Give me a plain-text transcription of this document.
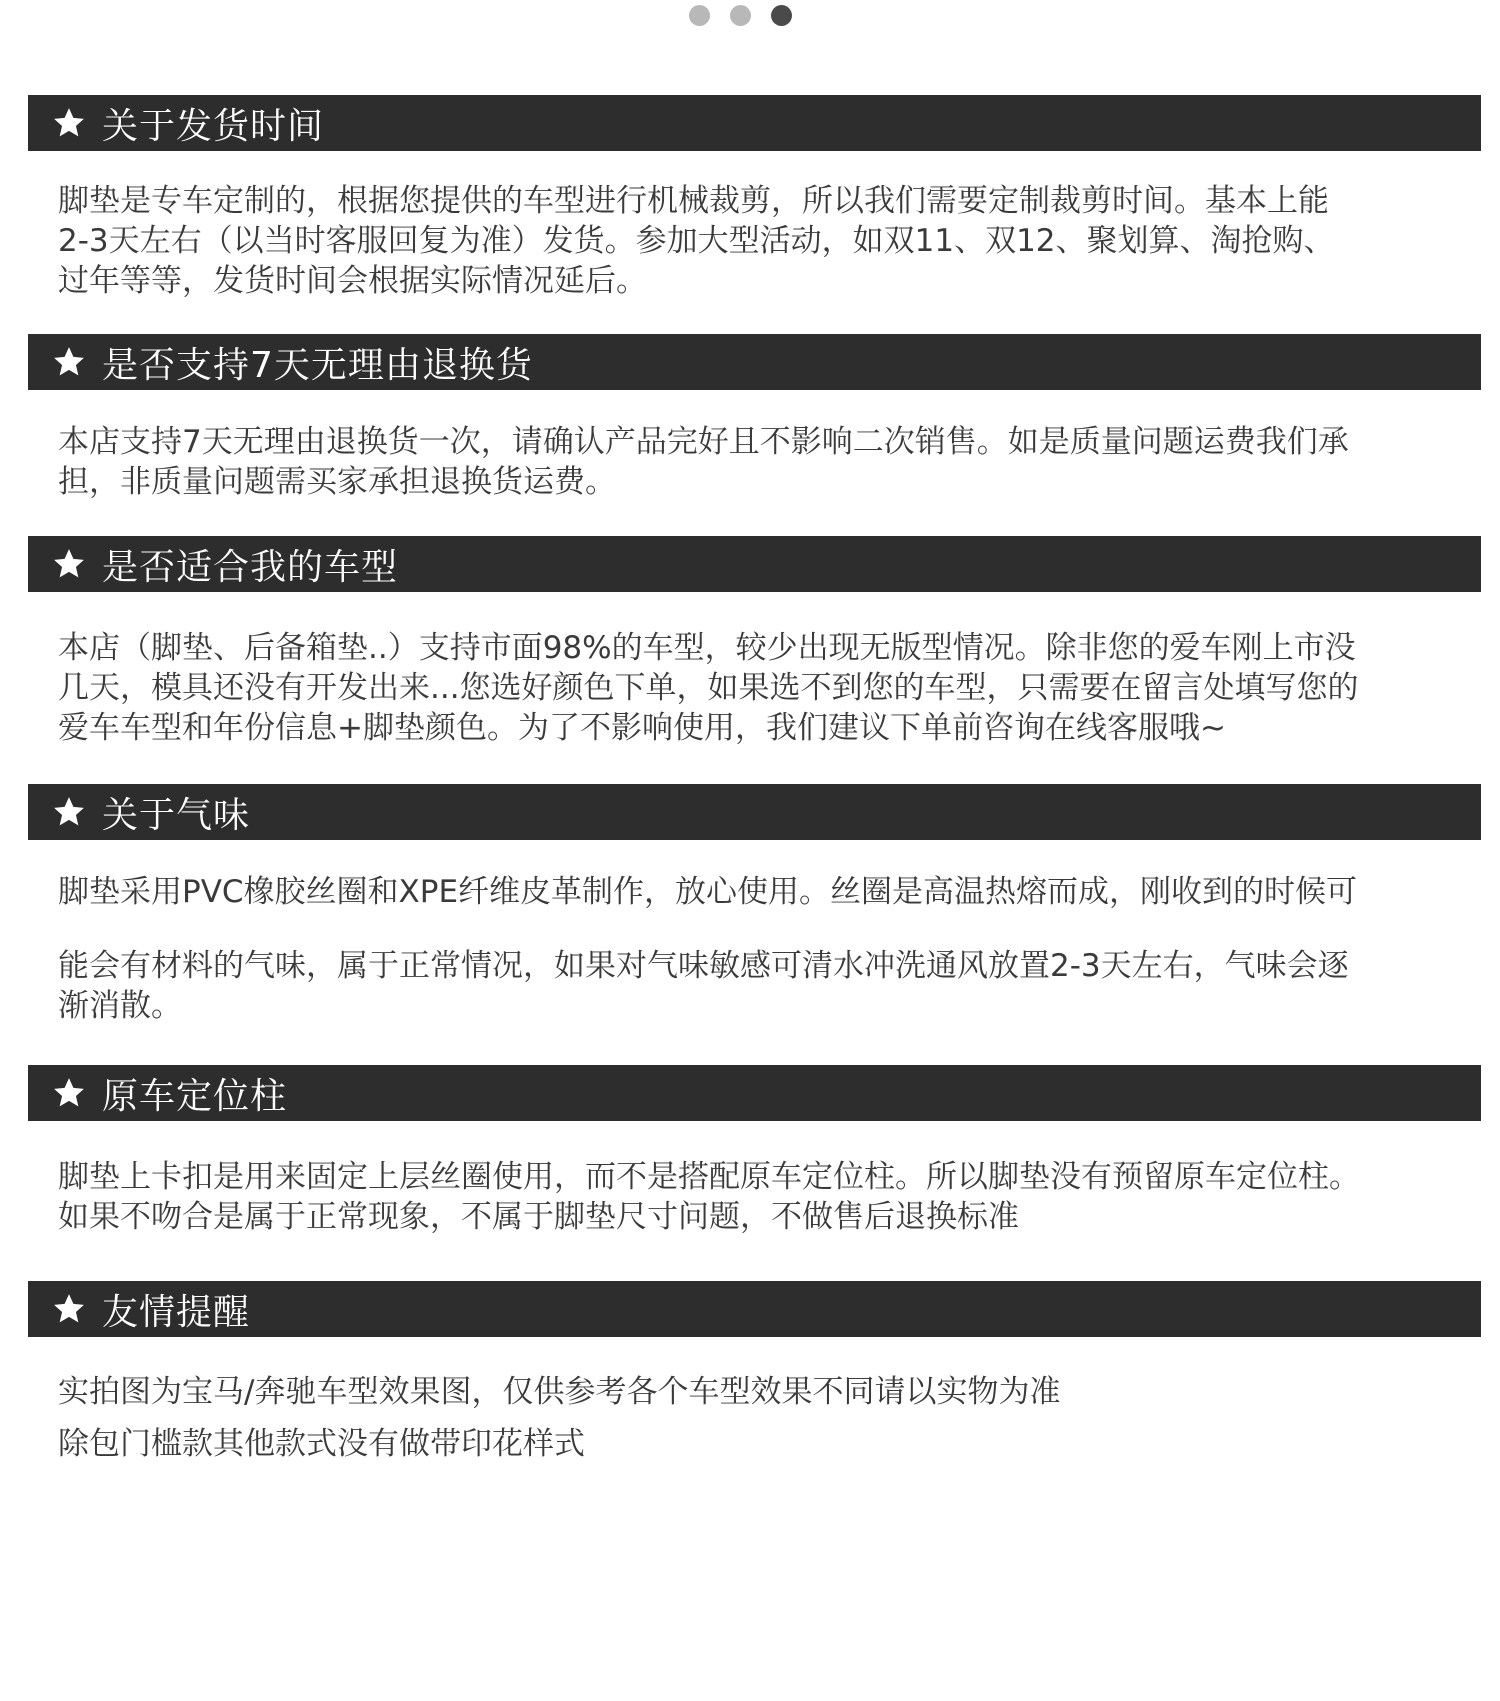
关于发货时间

脚垫是专车定制的，根据您提供的车型进行机械裁剪，所以我们需要定制裁剪时间。基本上能

2-3天左右（以当时客服回复为准）发货。参加大型活动，如双11、双12、聚划算、淘抢购、

过年等等，发货时间会根据实际情况延后。

是否支持7天无理由退换货

本店支持7天无理由退换货一次，请确认产品完好且不影响二次销售。如是质量问题运费我们承

担，非质量问题需买家承担退换货运费。

是否适合我的车型

本店（脚垫、后备箱垫..）支持市面98%的车型，较少出现无版型情况。除非您的爱车刚上市没

几天，模具还没有开发出来...您选好颜色下单，如果选不到您的车型，只需要在留言处填写您的

爱车车型和年份信息+脚垫颜色。为了不影响使用，我们建议下单前咨询在线客服哦~

关于气味

脚垫采用PVC橡胶丝圈和XPE纤维皮革制作，放心使用。丝圈是高温热熔而成，刚收到的时候可

能会有材料的气味，属于正常情况，如果对气味敏感可清水冲洗通风放置2-3天左右，气味会逐

渐消散。

原车定位柱

脚垫上卡扣是用来固定上层丝圈使用，而不是搭配原车定位柱。所以脚垫没有预留原车定位柱。

如果不吻合是属于正常现象，不属于脚垫尺寸问题，不做售后退换标准

友情提醒

实拍图为宝马/奔驰车型效果图，仅供参考各个车型效果不同请以实物为准

除包门槛款其他款式没有做带印花样式
